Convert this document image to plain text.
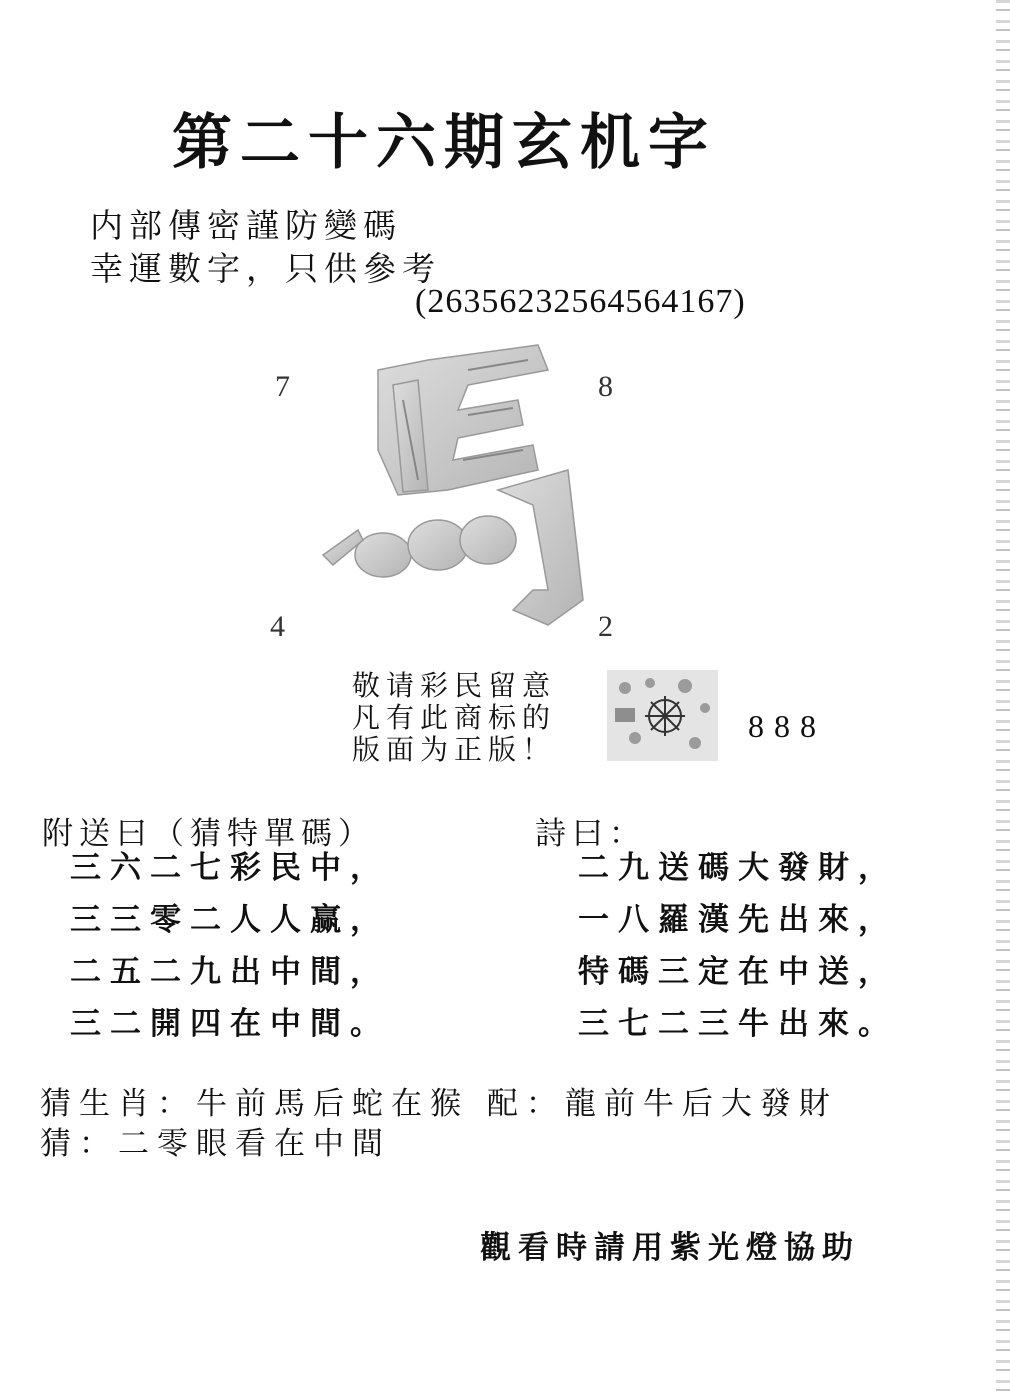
第二十六期玄机字
内部傳密謹防變碼
幸運數字，只供參考
(26356232564564167)
7	8
4	2
敬请彩民留意
凡有此商标的
版面为正版！
888
附送曰（猜特單碼）
三六二七彩民中，
三三零二人人赢，
二五二九出中間，
三二開四在中間。
詩曰：
二九送碼大發財，
一八羅漢先出來，
特碼三定在中送，
三七二三牛出來。
猜生肖：牛前馬后蛇在猴 配：龍前牛后大發財
猜：二零眼看在中間
觀看時請用紫光燈協助
